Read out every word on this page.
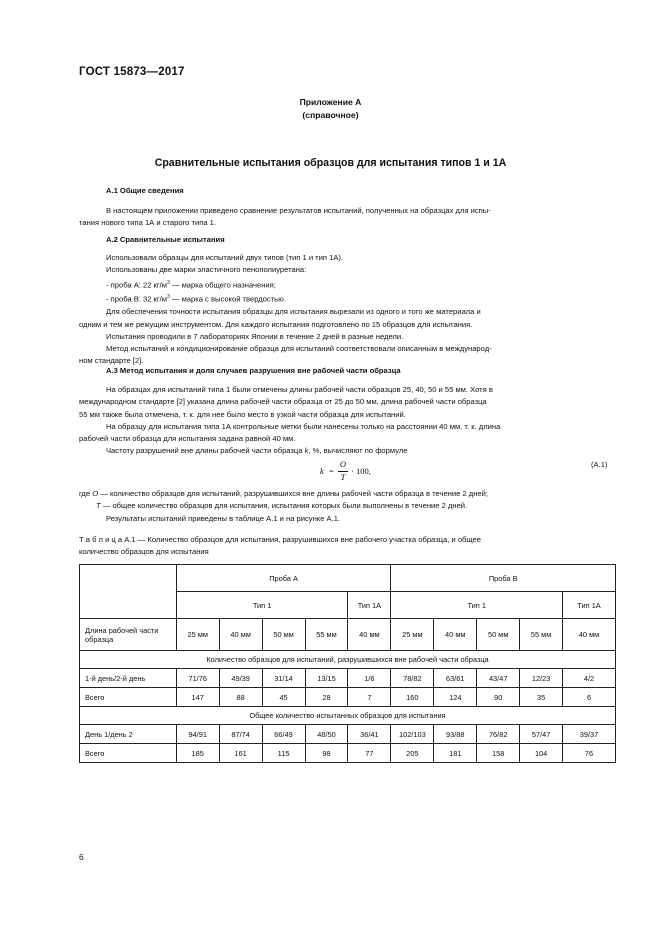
ГОСТ 15873—2017
Приложение А
(справочное)
Сравнительные испытания образцов для испытания типов 1 и 1А
А.1 Общие сведения
В настоящем приложении приведено сравнение результатов испытаний, полученных на образцах для испы-
тания нового типа 1А и старого типа 1.
А.2 Сравнительные испытания
Использовали образцы для испытаний двух типов (тип 1 и тип 1А).
Использованы две марки эластичного пенополиуретана:
- проба А: 22 $кг/м^3$ — марка общего назначения;
- проба В: 32 $кг/м^3$ — марка с высокой твердостью.
Для обеспечения точности испытания образцы для испытания вырезали из одного и того же материала и
одним и тем же режущим инструментом. Для каждого испытания подготовлено по 15 образцов для испытания.
Испытания проводили в 7 лабораториях Японии в течение 2 дней в разные недели.
Метод испытаний и кондиционирование образца для испытаний соответствовали описанным в международ-
ном стандарте [2].
А.3 Метод испытания и доля случаев разрушения вне рабочей части образца
На образцах для испытаний типа 1 были отмечены длины рабочей части образцов 25, 40, 50 и 55 мм. Хотя в
международном стандарте [2] указана длина рабочей части образца от 25 до 50 мм, длина рабочей части образца
55 мм также была отмечена, т. к. для нее было место в узкой части образца для испытаний.
На образцу для испытания типа 1А контрольные метки были нанесены только на расстоянии 40 мм, т. к. длина
рабочей части образца для испытания задана равной 40 мм.
Частоту разрушений вне длины рабочей части образца k, %, вычисляют по формуле
k =
O
T
· 100,
(А.1)
где O — количество образцов для испытаний, разрушившихся вне длины рабочей части образца в течение 2 дней;
T — общее количество образцов для испытания, испытания которых были выполнены в течение 2 дней.
Результаты испытаний приведены в таблице А.1 и на рисунке А.1.
Т а б л и ц а А.1 — Количество образцов для испытания, разрушившихся вне рабочего участка образца, и общее
количество образцов для испытания
	Проба А					Проба В				
	Тип 1				Тип 1А	Тип 1				Тип 1А
Длина рабочей части образца	25 мм	40 мм	50 мм	55 мм	40 мм	25 мм	40 мм	50 мм	55 мм	40 мм
Количество образцов для испытаний, разрушившихся вне рабочей части образца										
1-й день/2-й день	71/76	49/39	31/14	13/15	1/6	78/82	63/61	43/47	12/23	4/2
Всего	147	88	45	28	7	160	124	90	35	6
Общее количество испытанных образцов для испытания										
День 1/день 2	94/91	87/74	66/49	48/50	36/41	102/103	93/88	76/82	57/47	39/37
Всего	185	161	115	98	77	205	181	158	104	76
6
